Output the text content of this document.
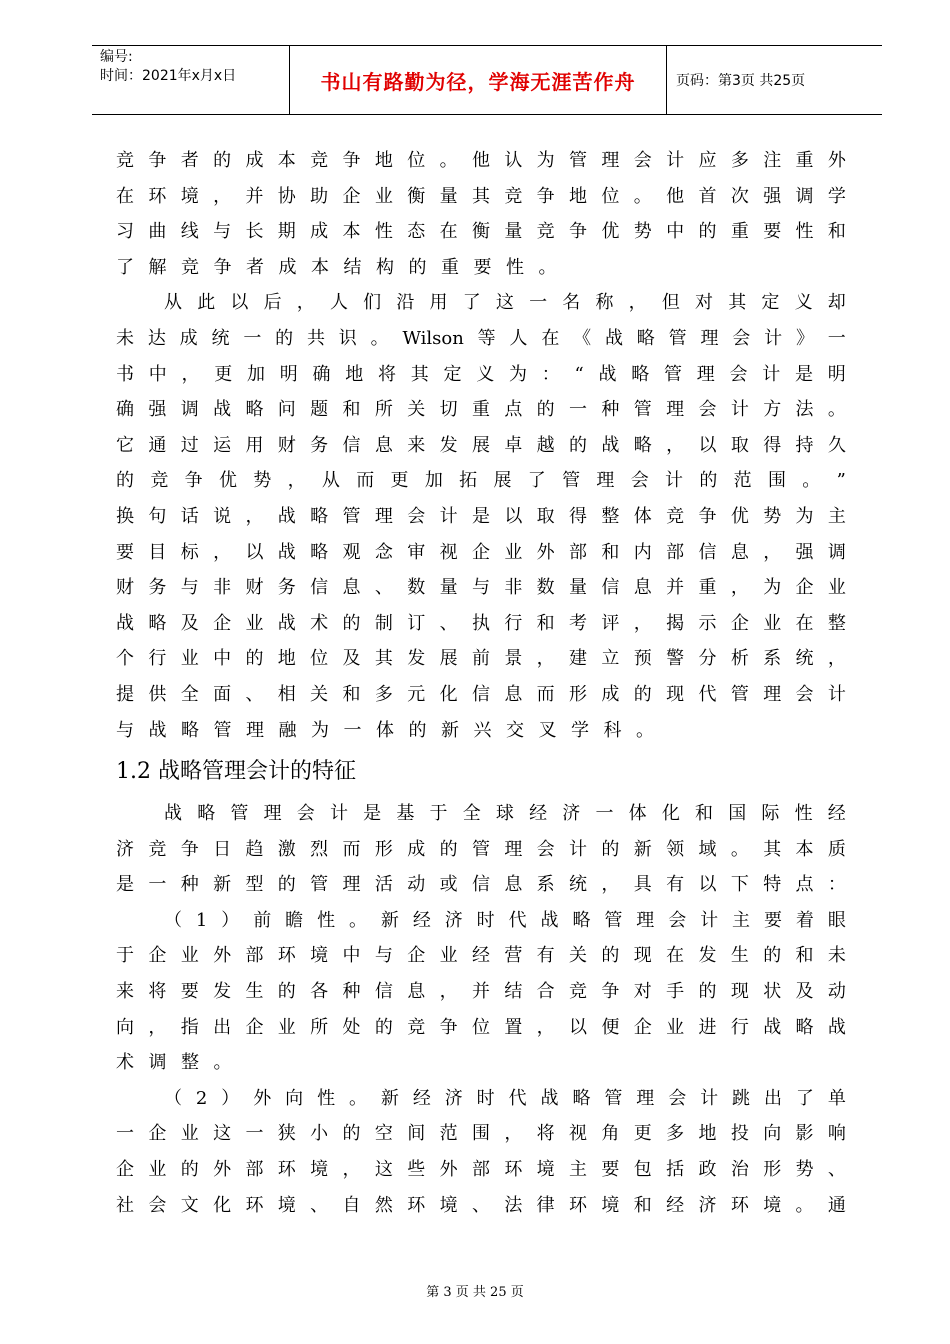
编号:
时间：2021年x月x日	书山有路勤为径，学海无涯苦作舟	页码：第3页 共25页
竞 争 者 的 成 本 竞 争 地 位 。 他 认 为 管 理 会 计 应 多 注 重 外
在 环 境 ， 并 协 助 企 业 衡 量 其 竞 争 地 位 。 他 首 次 强 调 学
习 曲 线 与 长 期 成 本 性 态 在 衡 量 竞 争 优 势 中 的 重 要 性 和
了解竞争者成本结构的重要性。
从 此 以 后 ， 人 们 沿 用 了 这 一 名 称 ， 但 对 其 定 义 却
未 达 成 统 一 的 共 识 。 Wilson 等 人 在 《 战 略 管 理 会 计 》 一
书 中 ， 更 加 明 确 地 将 其 定 义 为 ： “ 战 略 管 理 会 计 是 明
确 强 调 战 略 问 题 和 所 关 切 重 点 的 一 种 管 理 会 计 方 法 。
它 通 过 运 用 财 务 信 息 来 发 展 卓 越 的 战 略 ， 以 取 得 持 久
的 竞 争 优 势 ， 从 而 更 加 拓 展 了 管 理 会 计 的 范 围 。 ”
换 句 话 说 ， 战 略 管 理 会 计 是 以 取 得 整 体 竞 争 优 势 为 主
要 目 标 ， 以 战 略 观 念 审 视 企 业 外 部 和 内 部 信 息 ， 强 调
财 务 与 非 财 务 信 息 、 数 量 与 非 数 量 信 息 并 重 ， 为 企 业
战 略 及 企 业 战 术 的 制 订 、 执 行 和 考 评 ， 揭 示 企 业 在 整
个 行 业 中 的 地 位 及 其 发 展 前 景 ， 建 立 预 警 分 析 系 统 ，
提 供 全 面 、 相 关 和 多 元 化 信 息 而 形 成 的 现 代 管 理 会 计
与战略管理融为一体的新兴交叉学科。
1.2 战略管理会计的特征
战 略 管 理 会 计 是 基 于 全 球 经 济 一 体 化 和 国 际 性 经
济 竞 争 日 趋 激 烈 而 形 成 的 管 理 会 计 的 新 领 域 。 其 本 质
是 一 种 新 型 的 管 理 活 动 或 信 息 系 统 ， 具 有 以 下 特 点 ：
（ 1 ） 前 瞻 性 。 新 经 济 时 代 战 略 管 理 会 计 主 要 着 眼
于 企 业 外 部 环 境 中 与 企 业 经 营 有 关 的 现 在 发 生 的 和 未
来 将 要 发 生 的 各 种 信 息 ， 并 结 合 竞 争 对 手 的 现 状 及 动
向 ， 指 出 企 业 所 处 的 竞 争 位 置 ， 以 便 企 业 进 行 战 略 战
术调整。
（ 2 ） 外 向 性 。 新 经 济 时 代 战 略 管 理 会 计 跳 出 了 单
一 企 业 这 一 狭 小 的 空 间 范 围 ， 将 视 角 更 多 地 投 向 影 响
企 业 的 外 部 环 境 ， 这 些 外 部 环 境 主 要 包 括 政 治 形 势 、
社 会 文 化 环 境 、 自 然 环 境 、 法 律 环 境 和 经 济 环 境 。 通
第 3 页 共 25 页
